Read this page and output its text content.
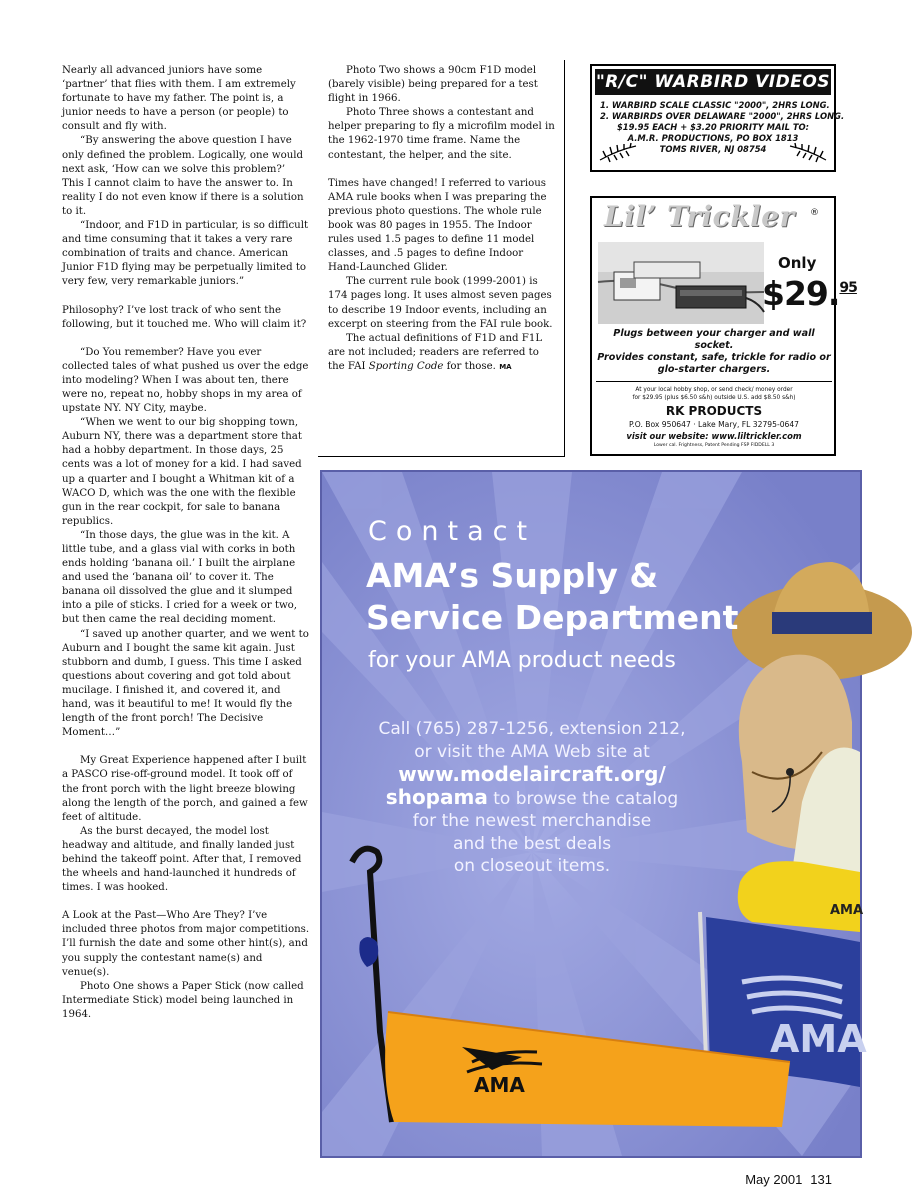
Nearly all advanced juniors have some ‘partner’ that flies with them. I am extremely fortunate to have my father. The point is, a junior needs to have a person (or people) to consult and fly with.

“By answering the above question I have only defined the problem. Logically, one would next ask, ‘How can we solve this problem?’ This I cannot claim to have the answer to. In reality I do not even know if there is a solution to it.

“Indoor, and F1D in particular, is so difficult and time consuming that it takes a very rare combination of traits and chance. American Junior F1D flying may be perpetually limited to very few, very remarkable juniors.”

Philosophy? I’ve lost track of who sent the following, but it touched me. Who will claim it?

“Do You remember? Have you ever collected tales of what pushed us over the edge into modeling? When I was about ten, there were no, repeat no, hobby shops in my area of upstate NY. NY City, maybe.

“When we went to our big shopping town, Auburn NY, there was a department store that had a hobby department. In those days, 25 cents was a lot of money for a kid. I had saved up a quarter and I bought a Whitman kit of a WACO D, which was the one with the flexible gun in the rear cockpit, for sale to banana republics.

“In those days, the glue was in the kit. A little tube, and a glass vial with corks in both ends holding ‘banana oil.’ I built the airplane and used the ‘banana oil’ to cover it. The banana oil dissolved the glue and it slumped into a pile of sticks. I cried for a week or two, but then came the real deciding moment.

“I saved up another quarter, and we went to Auburn and I bought the same kit again. Just stubborn and dumb, I guess. This time I asked questions about covering and got told about mucilage. I finished it, and covered it, and hand, was it beautiful to me! It would fly the length of the front porch! The Decisive Moment…”

My Great Experience happened after I built a PASCO rise-off-ground model. It took off of the front porch with the light breeze blowing along the length of the porch, and gained a few feet of altitude.

As the burst decayed, the model lost headway and altitude, and finally landed just behind the takeoff point. After that, I removed the wheels and hand-launched it hundreds of times. I was hooked.

A Look at the Past—Who Are They? I’ve included three photos from major competitions. I’ll furnish the date and some other hint(s), and you supply the contestant name(s) and venue(s).

Photo One shows a Paper Stick (now called Intermediate Stick) model being launched in 1964.

Photo Two shows a 90cm F1D model (barely visible) being prepared for a test flight in 1966.

Photo Three shows a contestant and helper preparing to fly a microfilm model in the 1962-1970 time frame. Name the contestant, the helper, and the site.

Times have changed! I referred to various AMA rule books when I was preparing the previous photo questions. The whole rule book was 80 pages in 1955. The Indoor rules used 1.5 pages to define 11 model classes, and .5 pages to define Indoor Hand-Launched Glider.

The current rule book (1999-2001) is 174 pages long. It uses almost seven pages to describe 19 Indoor events, including an excerpt on steering from the FAI rule book.

The actual definitions of F1D and F1L are not included; readers are referred to the FAI Sporting Code for those. MA

"R/C" WARBIRD VIDEOS
1. WARBIRD SCALE CLASSIC "2000", 2HRS LONG.
2. WARBIRDS OVER DELAWARE "2000", 2HRS LONG.
$19.95 EACH + $3.20 PRIORITY MAIL TO:
A.M.R. PRODUCTIONS, PO BOX 1813
TOMS RIVER, NJ 08754
Lil’ Trickler ®
Only
$29.95
Plugs between your charger and wall socket.
Provides constant, safe, trickle for radio or
glo-starter chargers.
At your local hobby shop, or send check/ money order
for $29.95 (plus $6.50 s&h) outside U.S. add $8.50 s&h)
RK PRODUCTS
P.O. Box 950647 · Lake Mary, FL 32795-0647
visit our website: www.liltrickler.com
Lower cal. Frightness, Patent Pending FSP FIDDELL 3
AMA
AMA
AMA
Contact
AMA’s Supply &
Service Department
for your AMA product needs
Call (765) 287-1256, extension 212,
or visit the AMA Web site at
www.modelaircraft.org/
shopama to browse the catalog
for the newest merchandise
and the best deals
on closeout items.
May 2001 131
